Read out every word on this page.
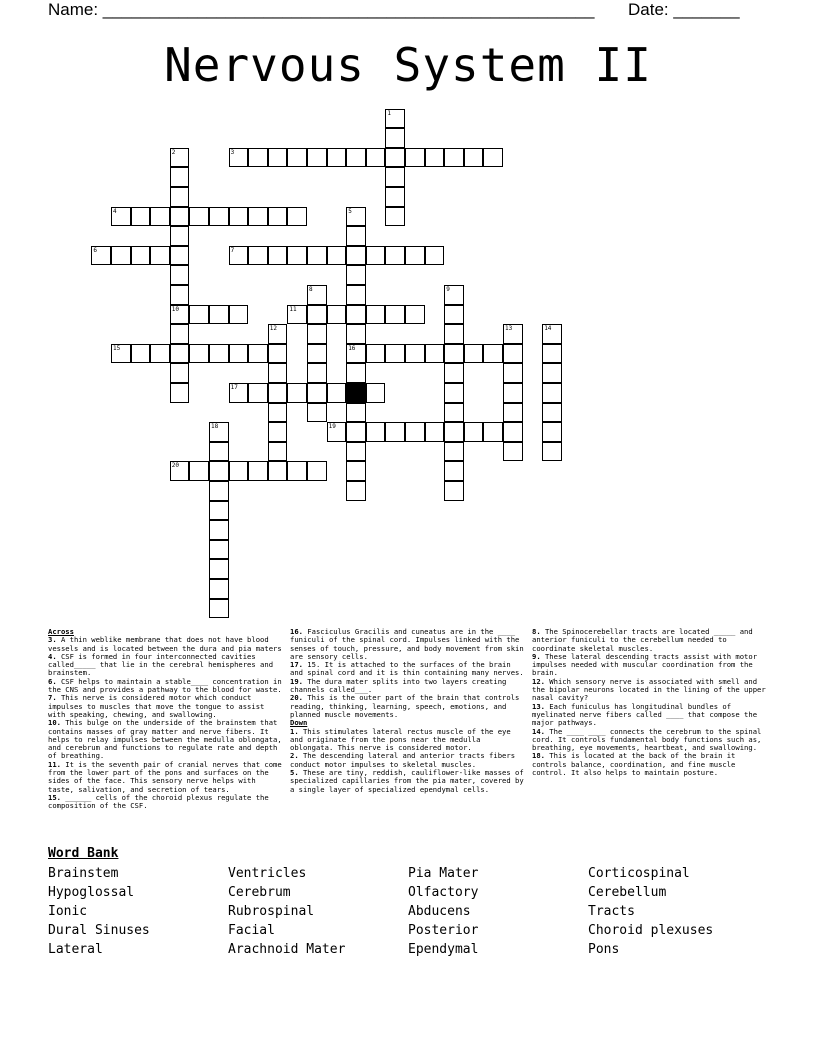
Name: ____________________________________________________ Date: _______
Nervous System II
1
2
10
3
4	5
16
6	7
8	9
11
12	13	14
15
17
18	19
20
Across
3. A thin weblike membrane that does not have blood vessels and is located between the dura and pia maters
4. CSF is formed in four interconnected cavities called_____ that lie in the cerebral hemispheres and brainstem.
6. CSF helps to maintain a stable____ concentration in the CNS and provides a pathway to the blood for waste.
7. This nerve is considered motor which conduct impulses to muscles that move the tongue to assist with speaking, chewing, and swallowing.
10. This bulge on the underside of the brainstem that contains masses of gray matter and nerve fibers. It helps to relay impulses between the medulla oblongata, and cerebrum and functions to regulate rate and depth of breathing.
11. It is the seventh pair of cranial nerves that come from the lower part of the pons and surfaces on the sides of the face. This sensory nerve helps with taste, salivation, and secretion of tears.
15. ______ cells of the choroid plexus regulate the composition of the CSF.
16. Fasciculus Gracilis and cuneatus are in the ____ funiculi of the spinal cord. Impulses linked with the senses of touch, pressure, and body movement from skin are sensory cells.
17. 15. It is attached to the surfaces of the brain and spinal cord and it is thin containing many nerves.
19. The dura mater splits into two layers creating channels called___.
20. This is the outer part of the brain that controls reading, thinking, learning, speech, emotions, and planned muscle movements.
Down
1. This stimulates lateral rectus muscle of the eye and originate from the pons near the medulla oblongata. This nerve is considered motor.
2. The descending lateral and anterior tracts fibers conduct motor impulses to skeletal muscles.
5. These are tiny, reddish, cauliflower-like masses of specialized capillaries from the pia mater, covered by a single layer of specialized ependymal cells.
8. The Spinocerebellar tracts are located _____ and anterior funiculi to the cerebellum needed to coordinate skeletal muscles.
9. These lateral descending tracts assist with motor impulses needed with muscular coordination from the brain.
12. Which sensory nerve is associated with smell and the bipolar neurons located in the lining of the upper nasal cavity?
13. Each funiculus has longitudinal bundles of myelinated nerve fibers called ____ that compose the major pathways.
14. The ____ ____ connects the cerebrum to the spinal cord. It controls fundamental body functions such as, breathing, eye movements, heartbeat, and swallowing.
18. This is located at the back of the brain it controls balance, coordination, and fine muscle control. It also helps to maintain posture.
Word Bank
Brainstem
Hypoglossal
Ionic
Dural Sinuses
Lateral
Ventricles
Cerebrum
Rubrospinal
Facial
Arachnoid Mater
Pia Mater
Olfactory
Abducens
Posterior
Ependymal
Corticospinal
Cerebellum
Tracts
Choroid plexuses
Pons
